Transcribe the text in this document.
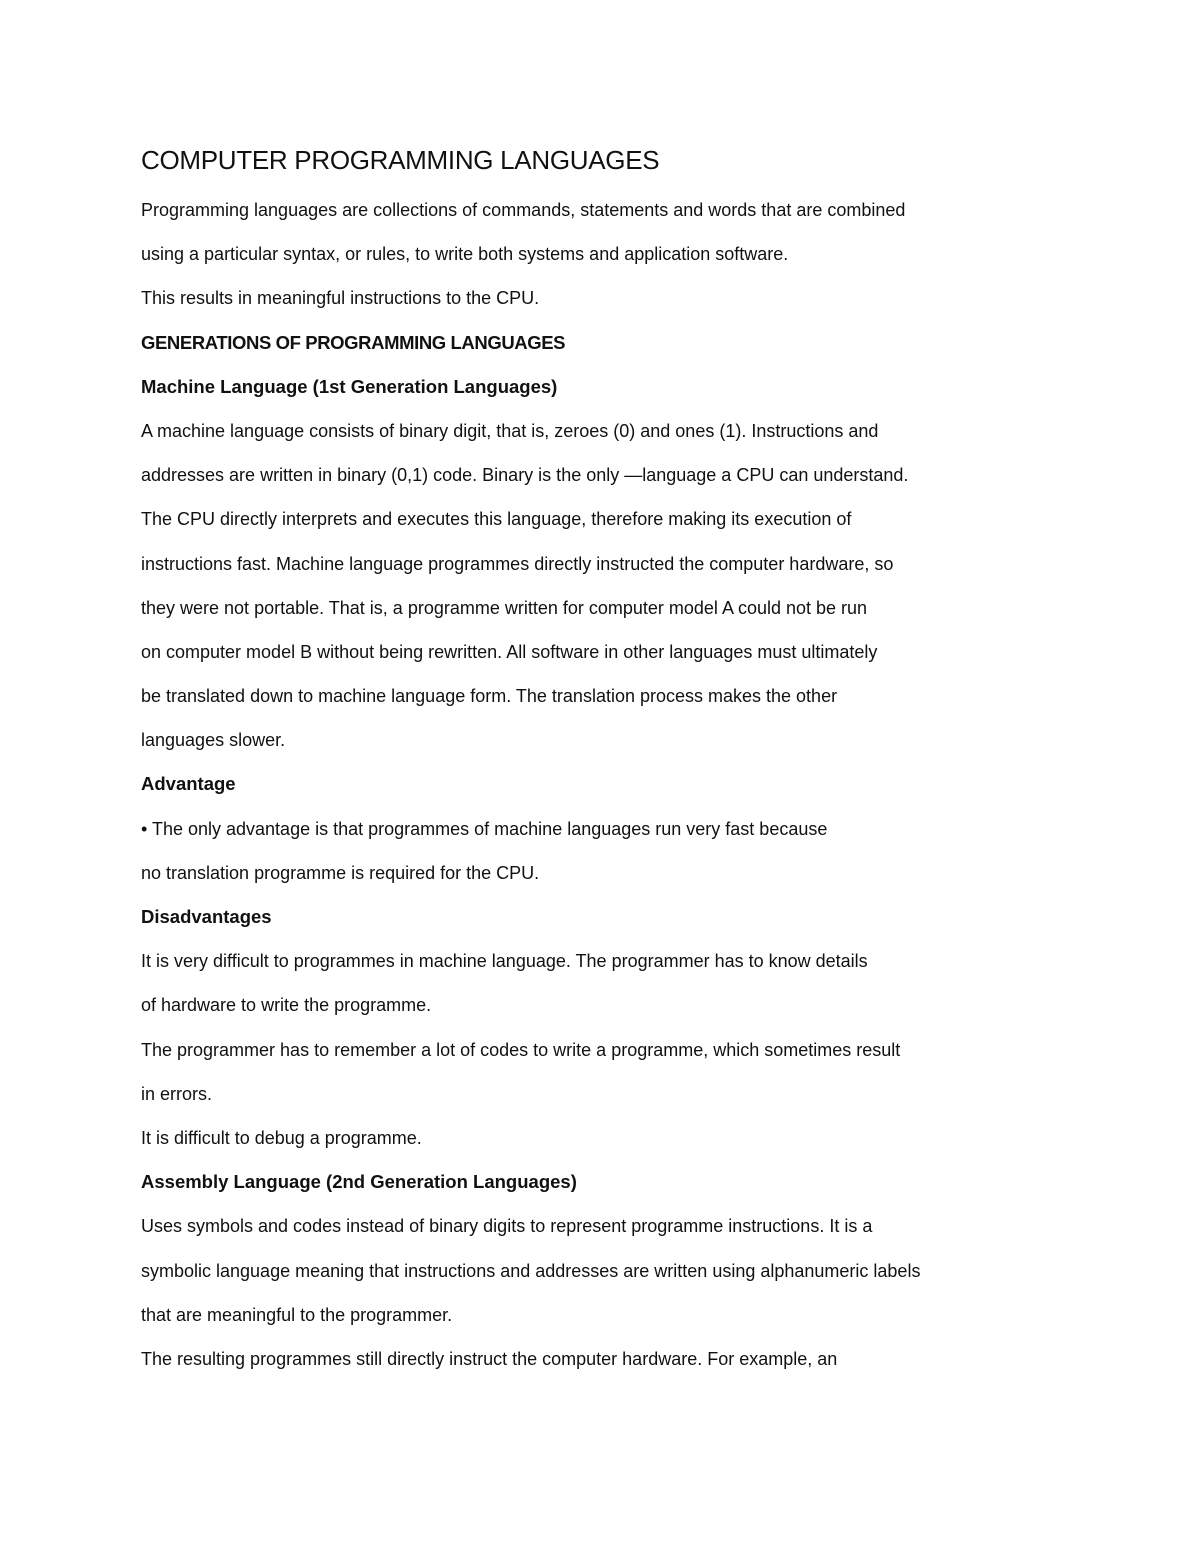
COMPUTER PROGRAMMING LANGUAGES
Programming languages are collections of commands, statements and words that are combined
using a particular syntax, or rules, to write both systems and application software.
This results in meaningful instructions to the CPU.
GENERATIONS OF PROGRAMMING LANGUAGES
Machine Language (1st Generation Languages)
A machine language consists of binary digit, that is, zeroes (0) and ones (1). Instructions and
addresses are written in binary (0,1) code. Binary is the only ―language a CPU can understand.
The CPU directly interprets and executes this language, therefore making its execution of
instructions fast. Machine language programmes directly instructed the computer hardware, so
they were not portable. That is, a programme written for computer model A could not be run
on computer model B without being rewritten. All software in other languages must ultimately
be translated down to machine language form. The translation process makes the other
languages slower.
Advantage
• The only advantage is that programmes of machine languages run very fast because
no translation programme is required for the CPU.
Disadvantages
It is very difficult to programmes in machine language. The programmer has to know details
of hardware to write the programme.
The programmer has to remember a lot of codes to write a programme, which sometimes result
in errors.
It is difficult to debug a programme.
Assembly Language (2nd Generation Languages)
Uses symbols and codes instead of binary digits to represent programme instructions. It is a
symbolic language meaning that instructions and addresses are written using alphanumeric labels
that are meaningful to the programmer.
The resulting programmes still directly instruct the computer hardware. For example, an
